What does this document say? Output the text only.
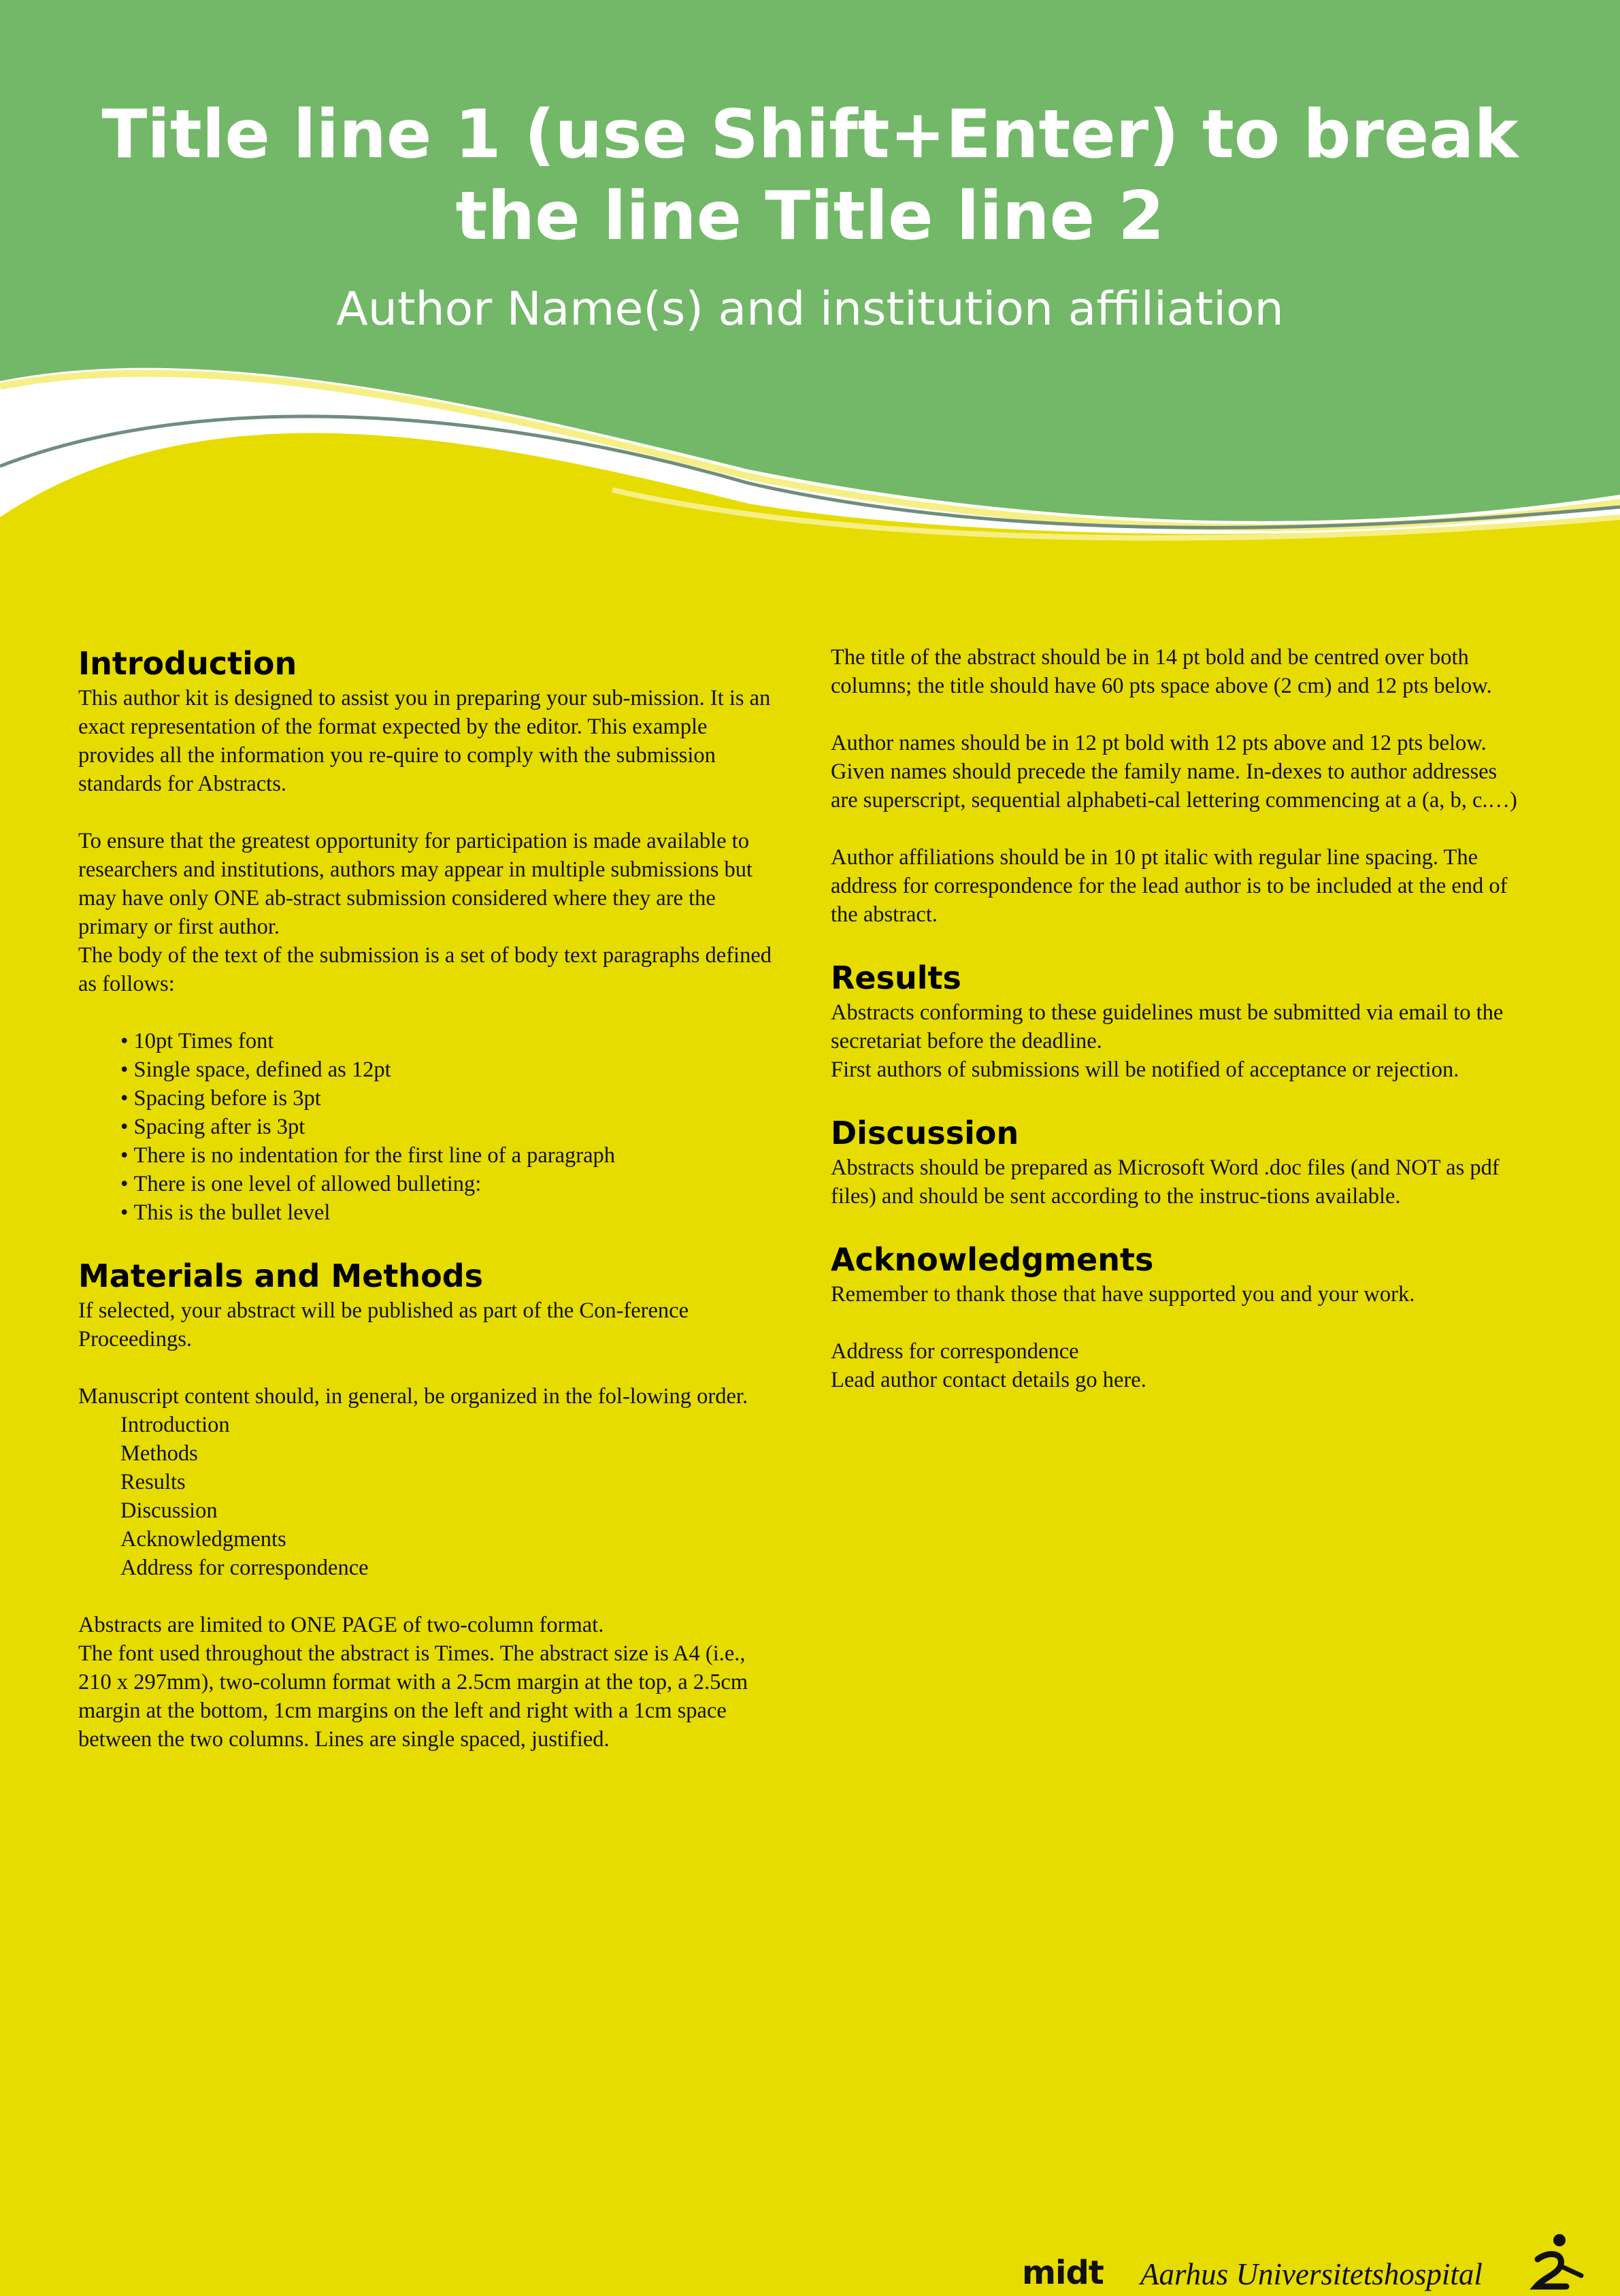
Title line 1 (use Shift+Enter) to break
the line Title line 2
Author Name(s) and institution affiliation
Introduction

This author kit is designed to assist you in preparing your sub-mission. It is an exact representation of the format expected by the editor. This example provides all the information you re-quire to comply with the submission standards for Abstracts.

To ensure that the greatest opportunity for participation is made available to researchers and institutions, authors may appear in multiple submissions but may have only ONE ab-stract submission considered where they are the primary or first author.

The body of the text of the submission is a set of body text paragraphs defined as follows:

• 10pt Times font
• Single space, defined as 12pt
• Spacing before is 3pt
• Spacing after is 3pt
• There is no indentation for the first line of a paragraph
• There is one level of allowed bulleting:
• This is the bullet level
Materials and Methods

If selected, your abstract will be published as part of the Con-ference Proceedings.

Manuscript content should, in general, be organized in the fol-lowing order.

Introduction
Methods
Results
Discussion
Acknowledgments
Address for correspondence

Abstracts are limited to ONE PAGE of two-column format.

The font used throughout the abstract is Times. The abstract size is A4 (i.e., 210 x 297mm), two-column format with a 2.5cm margin at the top, a 2.5cm margin at the bottom, 1cm margins on the left and right with a 1cm space between the two columns. Lines are single spaced, justified.

The title of the abstract should be in 14 pt bold and be centred over both columns; the title should have 60 pts space above (2 cm) and 12 pts below.

Author names should be in 12 pt bold with 12 pts above and 12 pts below. Given names should precede the family name. In-dexes to author addresses are superscript, sequential alphabeti-cal lettering commencing at a (a, b, c.…)

Author affiliations should be in 10 pt italic with regular line spacing. The address for correspondence for the lead author is to be included at the end of the abstract.

Results

Abstracts conforming to these guidelines must be submitted via email to the secretariat before the deadline.

First authors of submissions will be notified of acceptance or rejection.

Discussion

Abstracts should be prepared as Microsoft Word .doc files (and NOT as pdf files) and should be sent according to the instruc-tions available.

Acknowledgments

Remember to thank those that have supported you and your work.

Address for correspondence

Lead author contact details go here.

midt Aarhus Universitetshospital
